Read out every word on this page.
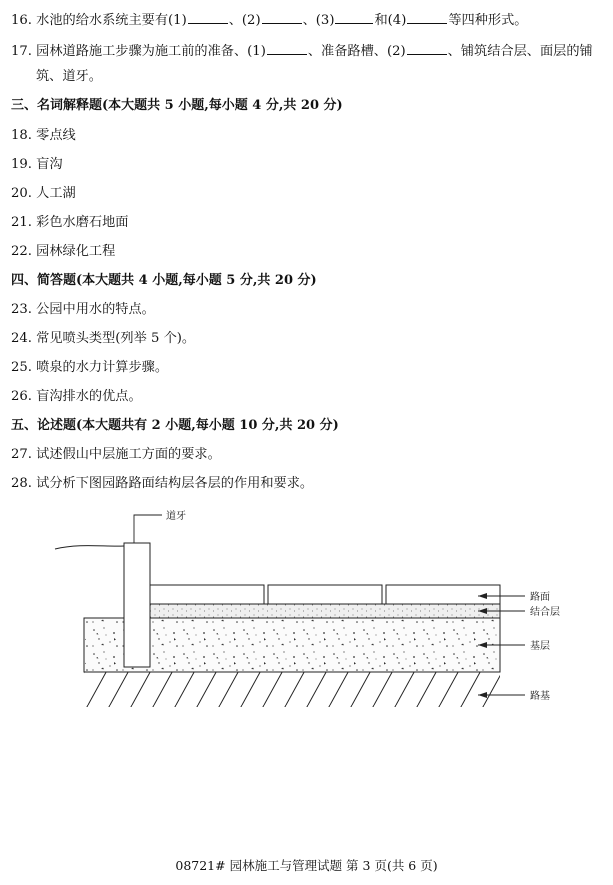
16. 水池的给水系统主要有(1)	、(2)	、(3)	和(4)	等四种形式。
17. 园林道路施工步骤为施工前的准备、(1)	、准备路槽、(2)	、铺筑结合层、面层的铺
筑、道牙。
三、名词解释题(本大题共 5 小题,每小题 4 分,共 20 分)
18. 零点线
19. 盲沟
20. 人工湖
21. 彩色水磨石地面
22. 园林绿化工程
四、简答题(本大题共 4 小题,每小题 5 分,共 20 分)
23. 公园中用水的特点。
24. 常见喷头类型(列举 5 个)。
25. 喷泉的水力计算步骤。
26. 盲沟排水的优点。
五、论述题(本大题共有 2 小题,每小题 10 分,共 20 分)
27. 试述假山中层施工方面的要求。
28. 试分析下图园路路面结构层各层的作用和要求。
道牙
路面
结合层
基层
路基
08721# 园林施工与管理试题 第 3 页(共 6 页)
